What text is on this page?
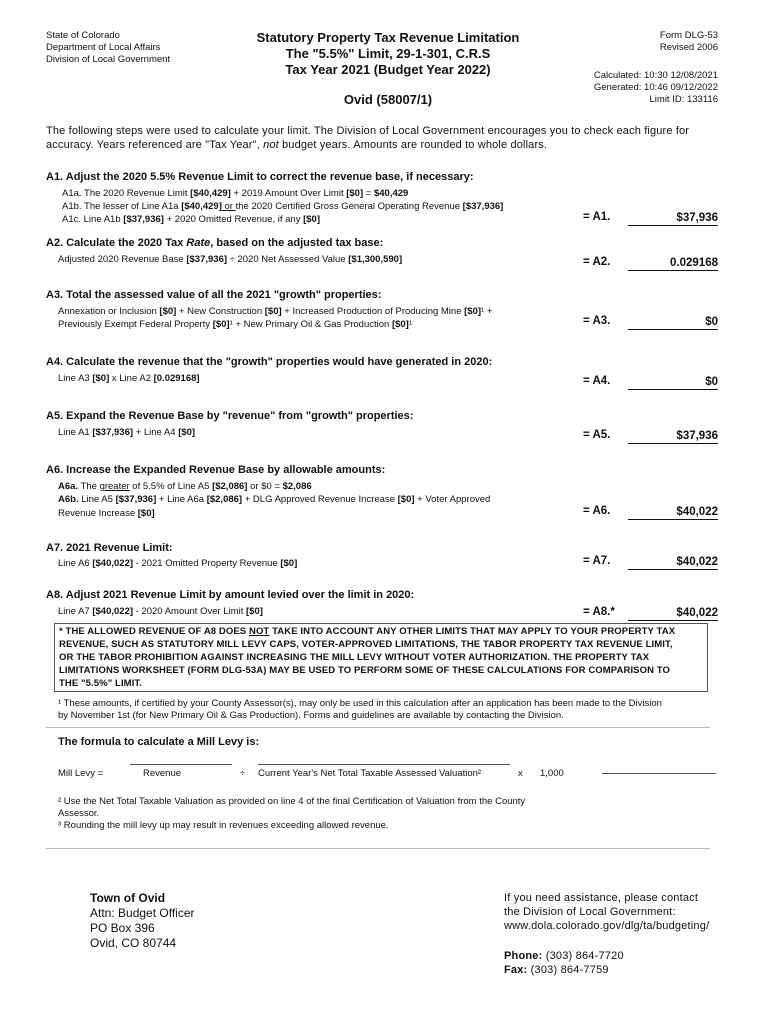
State of Colorado
Department of Local Affairs
Division of Local Government
Statutory Property Tax Revenue Limitation
The "5.5%" Limit, 29-1-301, C.R.S
Tax Year 2021 (Budget Year 2022)
Ovid (58007/1)
Form DLG-53
Revised 2006
Calculated: 10:30 12/08/2021
Generated: 10:46 09/12/2022
Limit ID: 133116
The following steps were used to calculate your limit. The Division of Local Government encourages you to check each figure for
accuracy. Years referenced are "Tax Year", not budget years. Amounts are rounded to whole dollars.
A1. Adjust the 2020 5.5% Revenue Limit to correct the revenue base, if necessary:
A1a. The 2020 Revenue Limit [$40,429] + 2019 Amount Over Limit [$0] = $40,429
A1b. The lesser of Line A1a [$40,429] or the 2020 Certified Gross General Operating Revenue [$37,936]
A1c. Line A1b [$37,936] + 2020 Omitted Revenue, if any [$0]	= A1.	$37,936
A2. Calculate the 2020 Tax Rate, based on the adjusted tax base:
Adjusted 2020 Revenue Base [$37,936] ÷ 2020 Net Assessed Value [$1,300,590]	= A2.	0.029168
A3. Total the assessed value of all the 2021 "growth" properties:
Annexation or Inclusion [$0] + New Construction [$0] + Increased Production of Producing Mine [$0]¹ +
Previously Exempt Federal Property [$0]¹ + New Primary Oil & Gas Production [$0]¹	= A3.	$0
A4. Calculate the revenue that the "growth" properties would have generated in 2020:
Line A3 [$0] x Line A2 [0.029168]	= A4.	$0
A5. Expand the Revenue Base by "revenue" from "growth" properties:
Line A1 [$37,936] + Line A4 [$0]	= A5.	$37,936
A6. Increase the Expanded Revenue Base by allowable amounts:
A6a. The greater of 5.5% of Line A5 [$2,086] or $0 = $2,086
A6b. Line A5 [$37,936] + Line A6a [$2,086] + DLG Approved Revenue Increase [$0] + Voter Approved
Revenue Increase [$0]	= A6.	$40,022
A7. 2021 Revenue Limit:
Line A6 [$40,022] - 2021 Omitted Property Revenue [$0]	= A7.	$40,022
A8. Adjust 2021 Revenue Limit by amount levied over the limit in 2020:
Line A7 [$40,022] - 2020 Amount Over Limit [$0]	= A8.*	$40,022
* THE ALLOWED REVENUE OF A8 DOES NOT TAKE INTO ACCOUNT ANY OTHER LIMITS THAT MAY APPLY TO YOUR PROPERTY TAX
REVENUE, SUCH AS STATUTORY MILL LEVY CAPS, VOTER-APPROVED LIMITATIONS, THE TABOR PROPERTY TAX REVENUE LIMIT,
OR THE TABOR PROHIBITION AGAINST INCREASING THE MILL LEVY WITHOUT VOTER AUTHORIZATION. THE PROPERTY TAX
LIMITATIONS WORKSHEET (FORM DLG-53A) MAY BE USED TO PERFORM SOME OF THESE CALCULATIONS FOR COMPARISON TO
THE "5.5%" LIMIT.
¹ These amounts, if certified by your County Assessor(s), may only be used in this calculation after an application has been made to the Division
by November 1st (for New Primary Oil & Gas Production). Forms and guidelines are available by contacting the Division.
The formula to calculate a Mill Levy is:
Mill Levy =	Revenue	÷ Current Year's Net Total Taxable Assessed Valuation²	x 1,000
² Use the Net Total Taxable Valuation as provided on line 4 of the final Certification of Valuation from the County
Assessor.
³ Rounding the mill levy up may result in revenues exceeding allowed revenue.
Town of Ovid
Attn: Budget Officer
PO Box 396
Ovid, CO 80744
If you need assistance, please contact
the Division of Local Government:
www.dola.colorado.gov/dlg/ta/budgeting/
Phone: (303) 864-7720
Fax: (303) 864-7759
